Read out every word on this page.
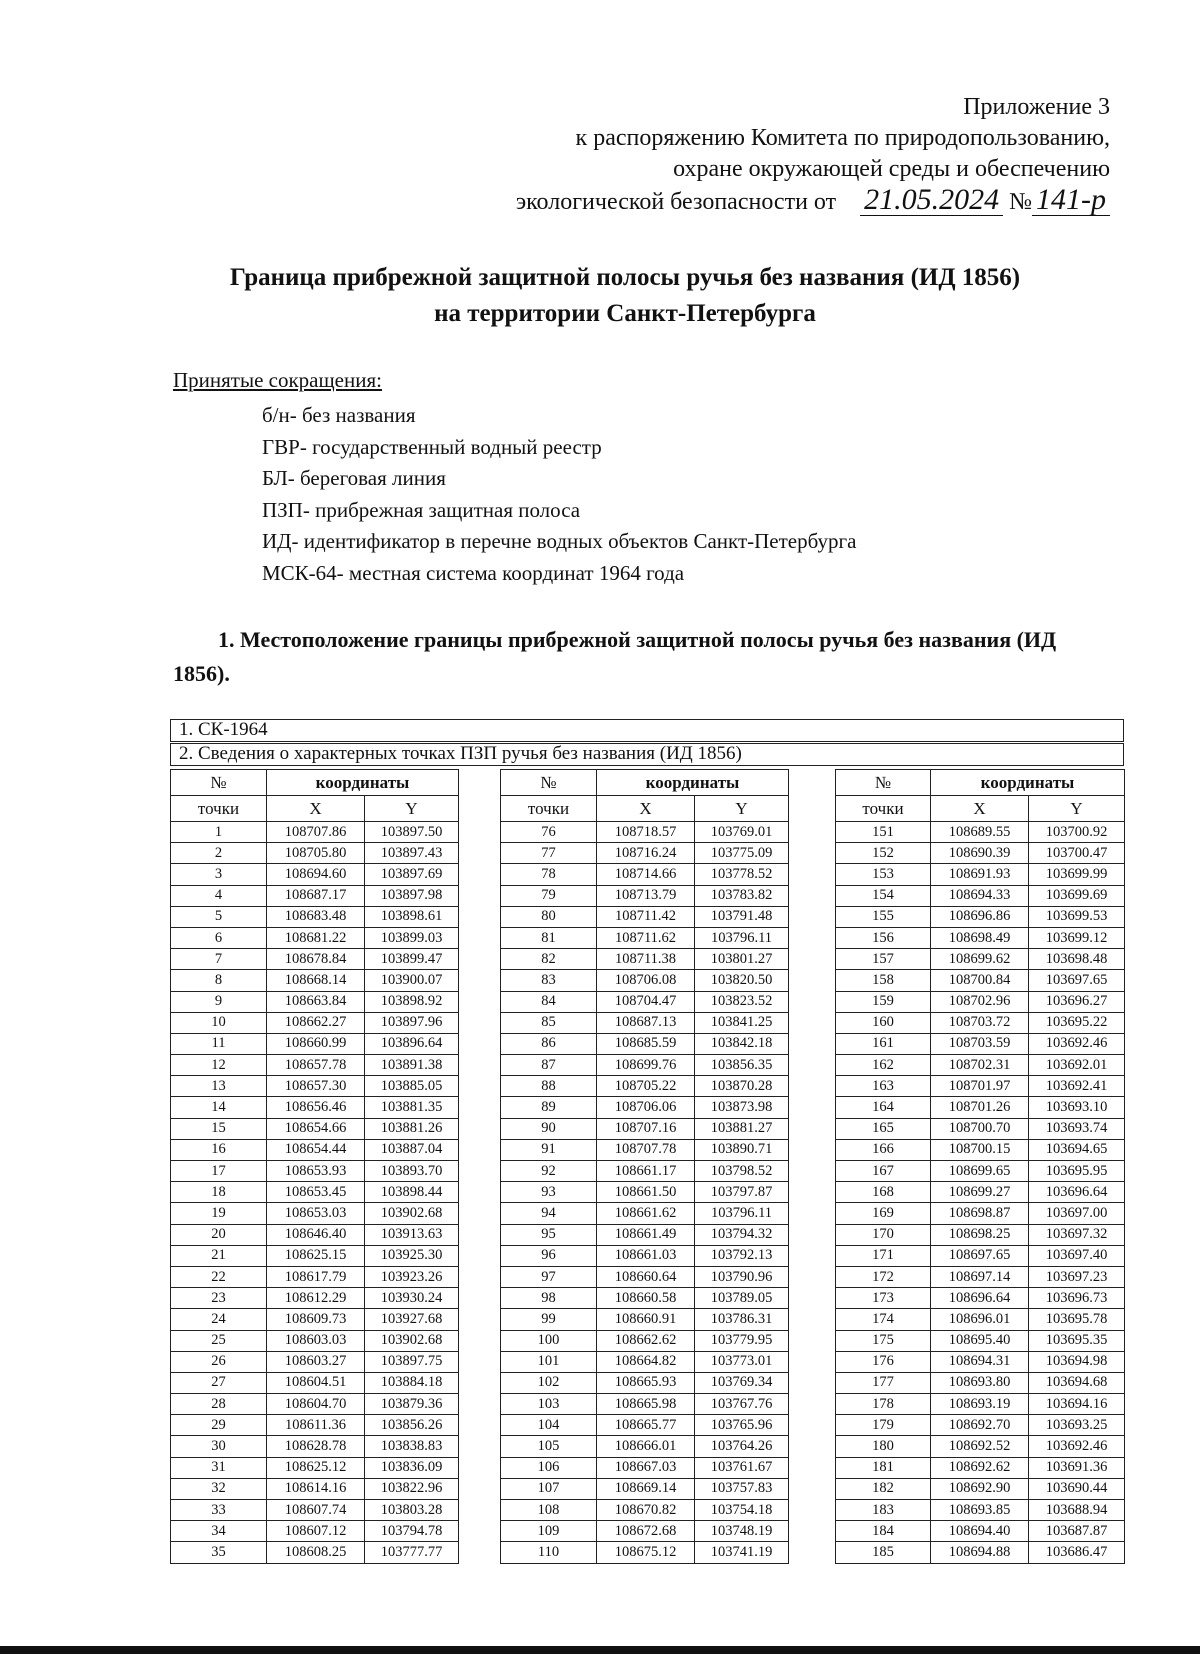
Приложение 3
к распоряжению Комитета по природопользованию,
охране окружающей среды и обеспечению
экологической безопасности от 21.05.2024 № 141-р
Граница прибрежной защитной полосы ручья без названия (ИД 1856)
на территории Санкт-Петербурга
Принятые сокращения:
б/н- без названия
ГВР- государственный водный реестр
БЛ- береговая линия
ПЗП- прибрежная защитная полоса
ИД- идентификатор в перечне водных объектов Санкт-Петербурга
МСК-64- местная система координат 1964 года
1. Местоположение границы прибрежной защитной полосы ручья без названия (ИД 1856).
1. СК-1964
2. Сведения о характерных точках ПЗП ручья без названия (ИД 1856)
№	координаты	
точки	X	Y
1	108707.86	103897.50
2	108705.80	103897.43
3	108694.60	103897.69
4	108687.17	103897.98
5	108683.48	103898.61
6	108681.22	103899.03
7	108678.84	103899.47
8	108668.14	103900.07
9	108663.84	103898.92
10	108662.27	103897.96
11	108660.99	103896.64
12	108657.78	103891.38
13	108657.30	103885.05
14	108656.46	103881.35
15	108654.66	103881.26
16	108654.44	103887.04
17	108653.93	103893.70
18	108653.45	103898.44
19	108653.03	103902.68
20	108646.40	103913.63
21	108625.15	103925.30
22	108617.79	103923.26
23	108612.29	103930.24
24	108609.73	103927.68
25	108603.03	103902.68
26	108603.27	103897.75
27	108604.51	103884.18
28	108604.70	103879.36
29	108611.36	103856.26
30	108628.78	103838.83
31	108625.12	103836.09
32	108614.16	103822.96
33	108607.74	103803.28
34	108607.12	103794.78
35	108608.25	103777.77
№	координаты	
точки	X	Y
76	108718.57	103769.01
77	108716.24	103775.09
78	108714.66	103778.52
79	108713.79	103783.82
80	108711.42	103791.48
81	108711.62	103796.11
82	108711.38	103801.27
83	108706.08	103820.50
84	108704.47	103823.52
85	108687.13	103841.25
86	108685.59	103842.18
87	108699.76	103856.35
88	108705.22	103870.28
89	108706.06	103873.98
90	108707.16	103881.27
91	108707.78	103890.71
92	108661.17	103798.52
93	108661.50	103797.87
94	108661.62	103796.11
95	108661.49	103794.32
96	108661.03	103792.13
97	108660.64	103790.96
98	108660.58	103789.05
99	108660.91	103786.31
100	108662.62	103779.95
101	108664.82	103773.01
102	108665.93	103769.34
103	108665.98	103767.76
104	108665.77	103765.96
105	108666.01	103764.26
106	108667.03	103761.67
107	108669.14	103757.83
108	108670.82	103754.18
109	108672.68	103748.19
110	108675.12	103741.19
№	координаты	
точки	X	Y
151	108689.55	103700.92
152	108690.39	103700.47
153	108691.93	103699.99
154	108694.33	103699.69
155	108696.86	103699.53
156	108698.49	103699.12
157	108699.62	103698.48
158	108700.84	103697.65
159	108702.96	103696.27
160	108703.72	103695.22
161	108703.59	103692.46
162	108702.31	103692.01
163	108701.97	103692.41
164	108701.26	103693.10
165	108700.70	103693.74
166	108700.15	103694.65
167	108699.65	103695.95
168	108699.27	103696.64
169	108698.87	103697.00
170	108698.25	103697.32
171	108697.65	103697.40
172	108697.14	103697.23
173	108696.64	103696.73
174	108696.01	103695.78
175	108695.40	103695.35
176	108694.31	103694.98
177	108693.80	103694.68
178	108693.19	103694.16
179	108692.70	103693.25
180	108692.52	103692.46
181	108692.62	103691.36
182	108692.90	103690.44
183	108693.85	103688.94
184	108694.40	103687.87
185	108694.88	103686.47
